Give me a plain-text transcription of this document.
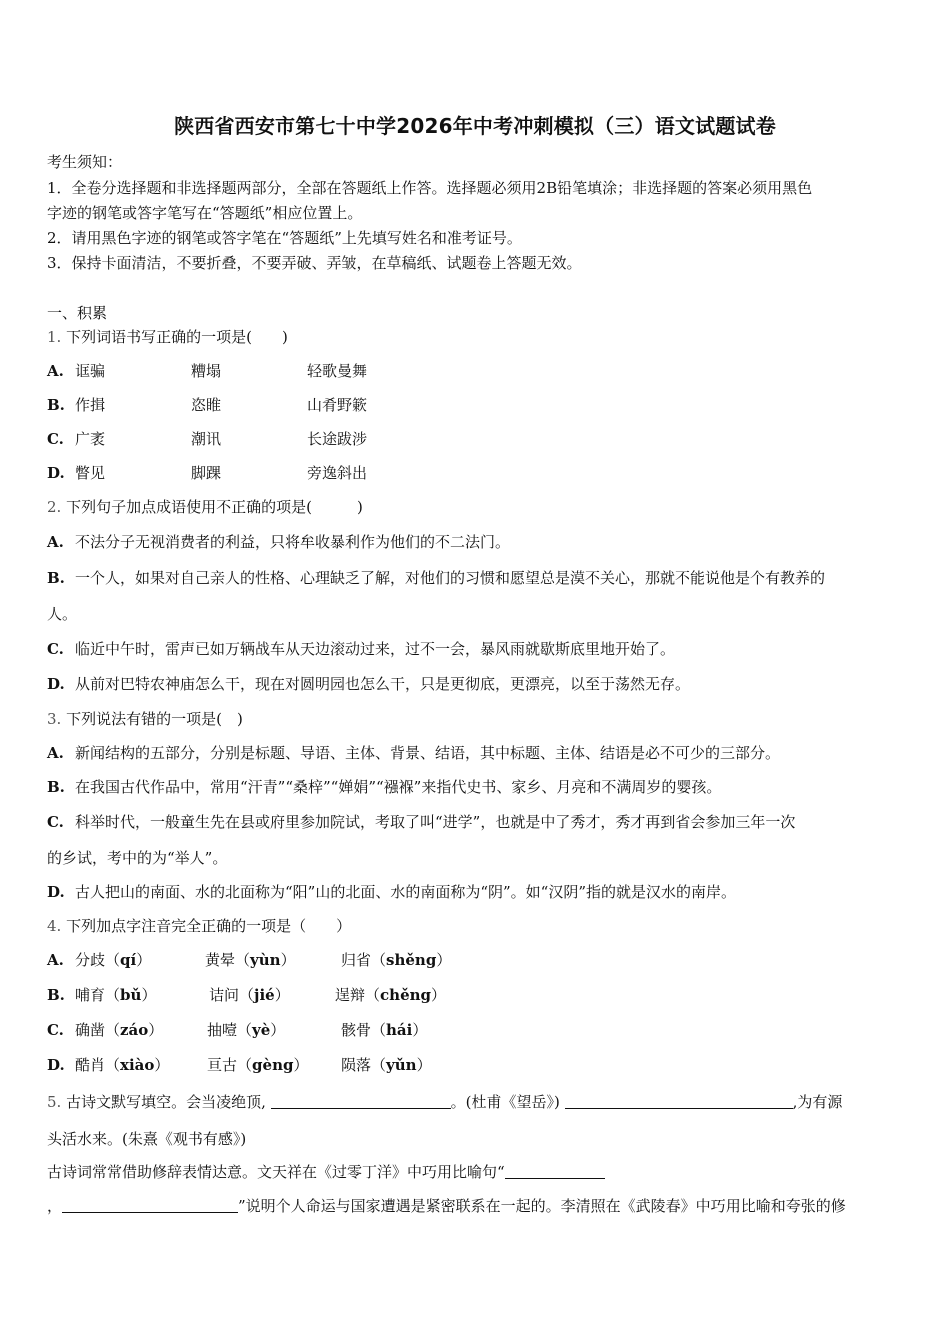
陕西省西安市第七十中学2026年中考冲刺模拟（三）语文试题试卷
考生须知：
1．全卷分选择题和非选择题两部分，全部在答题纸上作答。选择题必须用2B铅笔填涂；非选择题的答案必须用黑色
字迹的钢笔或答字笔写在“答题纸”相应位置上。
2．请用黑色字迹的钢笔或答字笔在“答题纸”上先填写姓名和准考证号。
3．保持卡面清洁，不要折叠，不要弄破、弄皱，在草稿纸、试题卷上答题无效。
一、积累
1. 下列词语书写正确的一项是(　　)
A. 诓骗	糟塌	轻歌曼舞
B. 作揖	恣睢	山肴野簌
C. 广袤	潮讯	长途跋涉
D. 瞥见	脚踝	旁逸斜出
2. 下列句子加点成语使用不正确的项是(　　　)
A. 不法分子无视消费者的利益，只将牟收暴利作为他们的不二法门。
B. 一个人，如果对自己亲人的性格、心理缺乏了解，对他们的习惯和愿望总是漠不关心，那就不能说他是个有教养的
人。
C. 临近中午时，雷声已如万辆战车从天边滚动过来，过不一会，暴风雨就歇斯底里地开始了。
D. 从前对巴特农神庙怎么干，现在对圆明园也怎么干，只是更彻底，更漂亮，以至于荡然无存。
3. 下列说法有错的一项是(　)
A. 新闻结构的五部分，分别是标题、导语、主体、背景、结语，其中标题、主体、结语是必不可少的三部分。
B. 在我国古代作品中，常用“汗青”“桑梓”“婵娟”“襁褓”来指代史书、家乡、月亮和不满周岁的婴孩。
C. 科举时代，一般童生先在县或府里参加院试，考取了叫“进学”，也就是中了秀才，秀才再到省会参加三年一次
的乡试，考中的为“举人”。
D. 古人把山的南面、水的北面称为“阳”山的北面、水的南面称为“阴”。如“汉阴”指的就是汉水的南岸。
4. 下列加点字注音完全正确的一项是（　　）
A. 分歧（qí）	黄晕（yùn）	归省（shěng）
B. 哺育（bǔ）	诘问（jié）	逞辩（chěng）
C. 确凿（záo）	抽噎（yè）	骸骨（hái）
D. 酷肖（xiào）	亘古（gèng） 陨落（yǔn）
5. 古诗文默写填空。会当凌绝顶,	。(杜甫《望岳》)	,为有源
头活水来。(朱熹《观书有感》)
古诗词常常借助修辞表情达意。文天祥在《过零丁洋》中巧用比喻句“
，	”说明个人命运与国家遭遇是紧密联系在一起的。李清照在《武陵春》中巧用比喻和夸张的修
